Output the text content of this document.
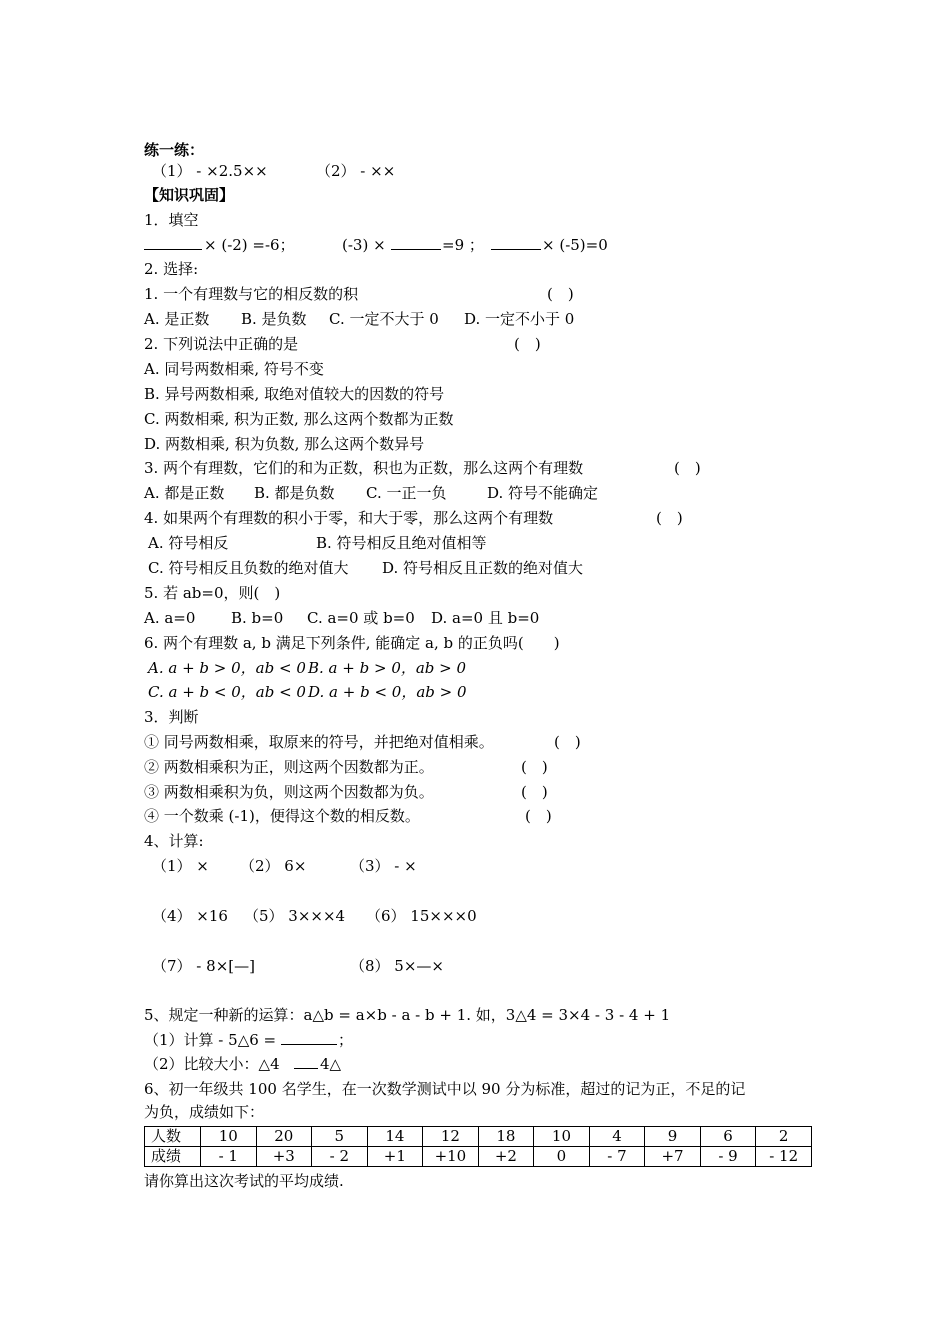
练一练：
（1） - ×2.5××	（2） - ××
【知识巩固】
1．填空
× (-2) =-6；	(-3) ×	=9 ；	× (-5)=0
2. 选择:
1. 一个有理数与它的相反数的积	(　)
A. 是正数 B. 是负数 C. 一定不大于 0 D. 一定不小于 0
2. 下列说法中正确的是	(　)
A. 同号两数相乘, 符号不变
B. 异号两数相乘, 取绝对值较大的因数的符号
C. 两数相乘, 积为正数, 那么这两个数都为正数
D. 两数相乘, 积为负数, 那么这两个数异号
3. 两个有理数，它们的和为正数，积也为正数，那么这两个有理数	(　)
A. 都是正数 B. 都是负数 C. 一正一负	D. 符号不能确定
4. 如果两个有理数的积小于零，和大于零，那么这两个有理数	(　)
A. 符号相反	B. 符号相反且绝对值相等
C. 符号相反且负数的绝对值大 D. 符号相反且正数的绝对值大
5. 若 ab=0，则(　)
A. a=0 B. b=0 C. a=0 或 b=0 D. a=0 且 b=0
6. 两个有理数 a, b 满足下列条件, 能确定 a, b 的正负吗(　　)
A. a + b > 0，ab < 0 B. a + b > 0，ab > 0
C. a + b < 0，ab < 0 D. a + b < 0，ab > 0
3．判断
① 同号两数相乘，取原来的符号，并把绝对值相乘。	(　)
② 两数相乘积为正，则这两个因数都为正。	(　)
③ 两数相乘积为负，则这两个因数都为负。	(　)
④ 一个数乘 (-1)，便得这个数的相反数。	(　)
4、计算:
（1） × （2） 6×	（3） - ×
（4） ×16 （5） 3×××4 （6） 15×××0
（7） - 8×[—]	（8） 5×—×
5、规定一种新的运算：a△b = a×b - a - b + 1. 如，3△4 = 3×4 - 3 - 4 + 1
（1）计算 - 5△6 =	；
（2）比较大小：△4	4△
6、初一年级共 100 名学生，在一次数学测试中以 90 分为标准，超过的记为正，不足的记
为负，成绩如下：
人数	10	20	5	14	12	18	10	4	9	6	2
成绩	- 1	+3	- 2	+1	+10	+2	0	- 7	+7	- 9	- 12
请你算出这次考试的平均成绩.
